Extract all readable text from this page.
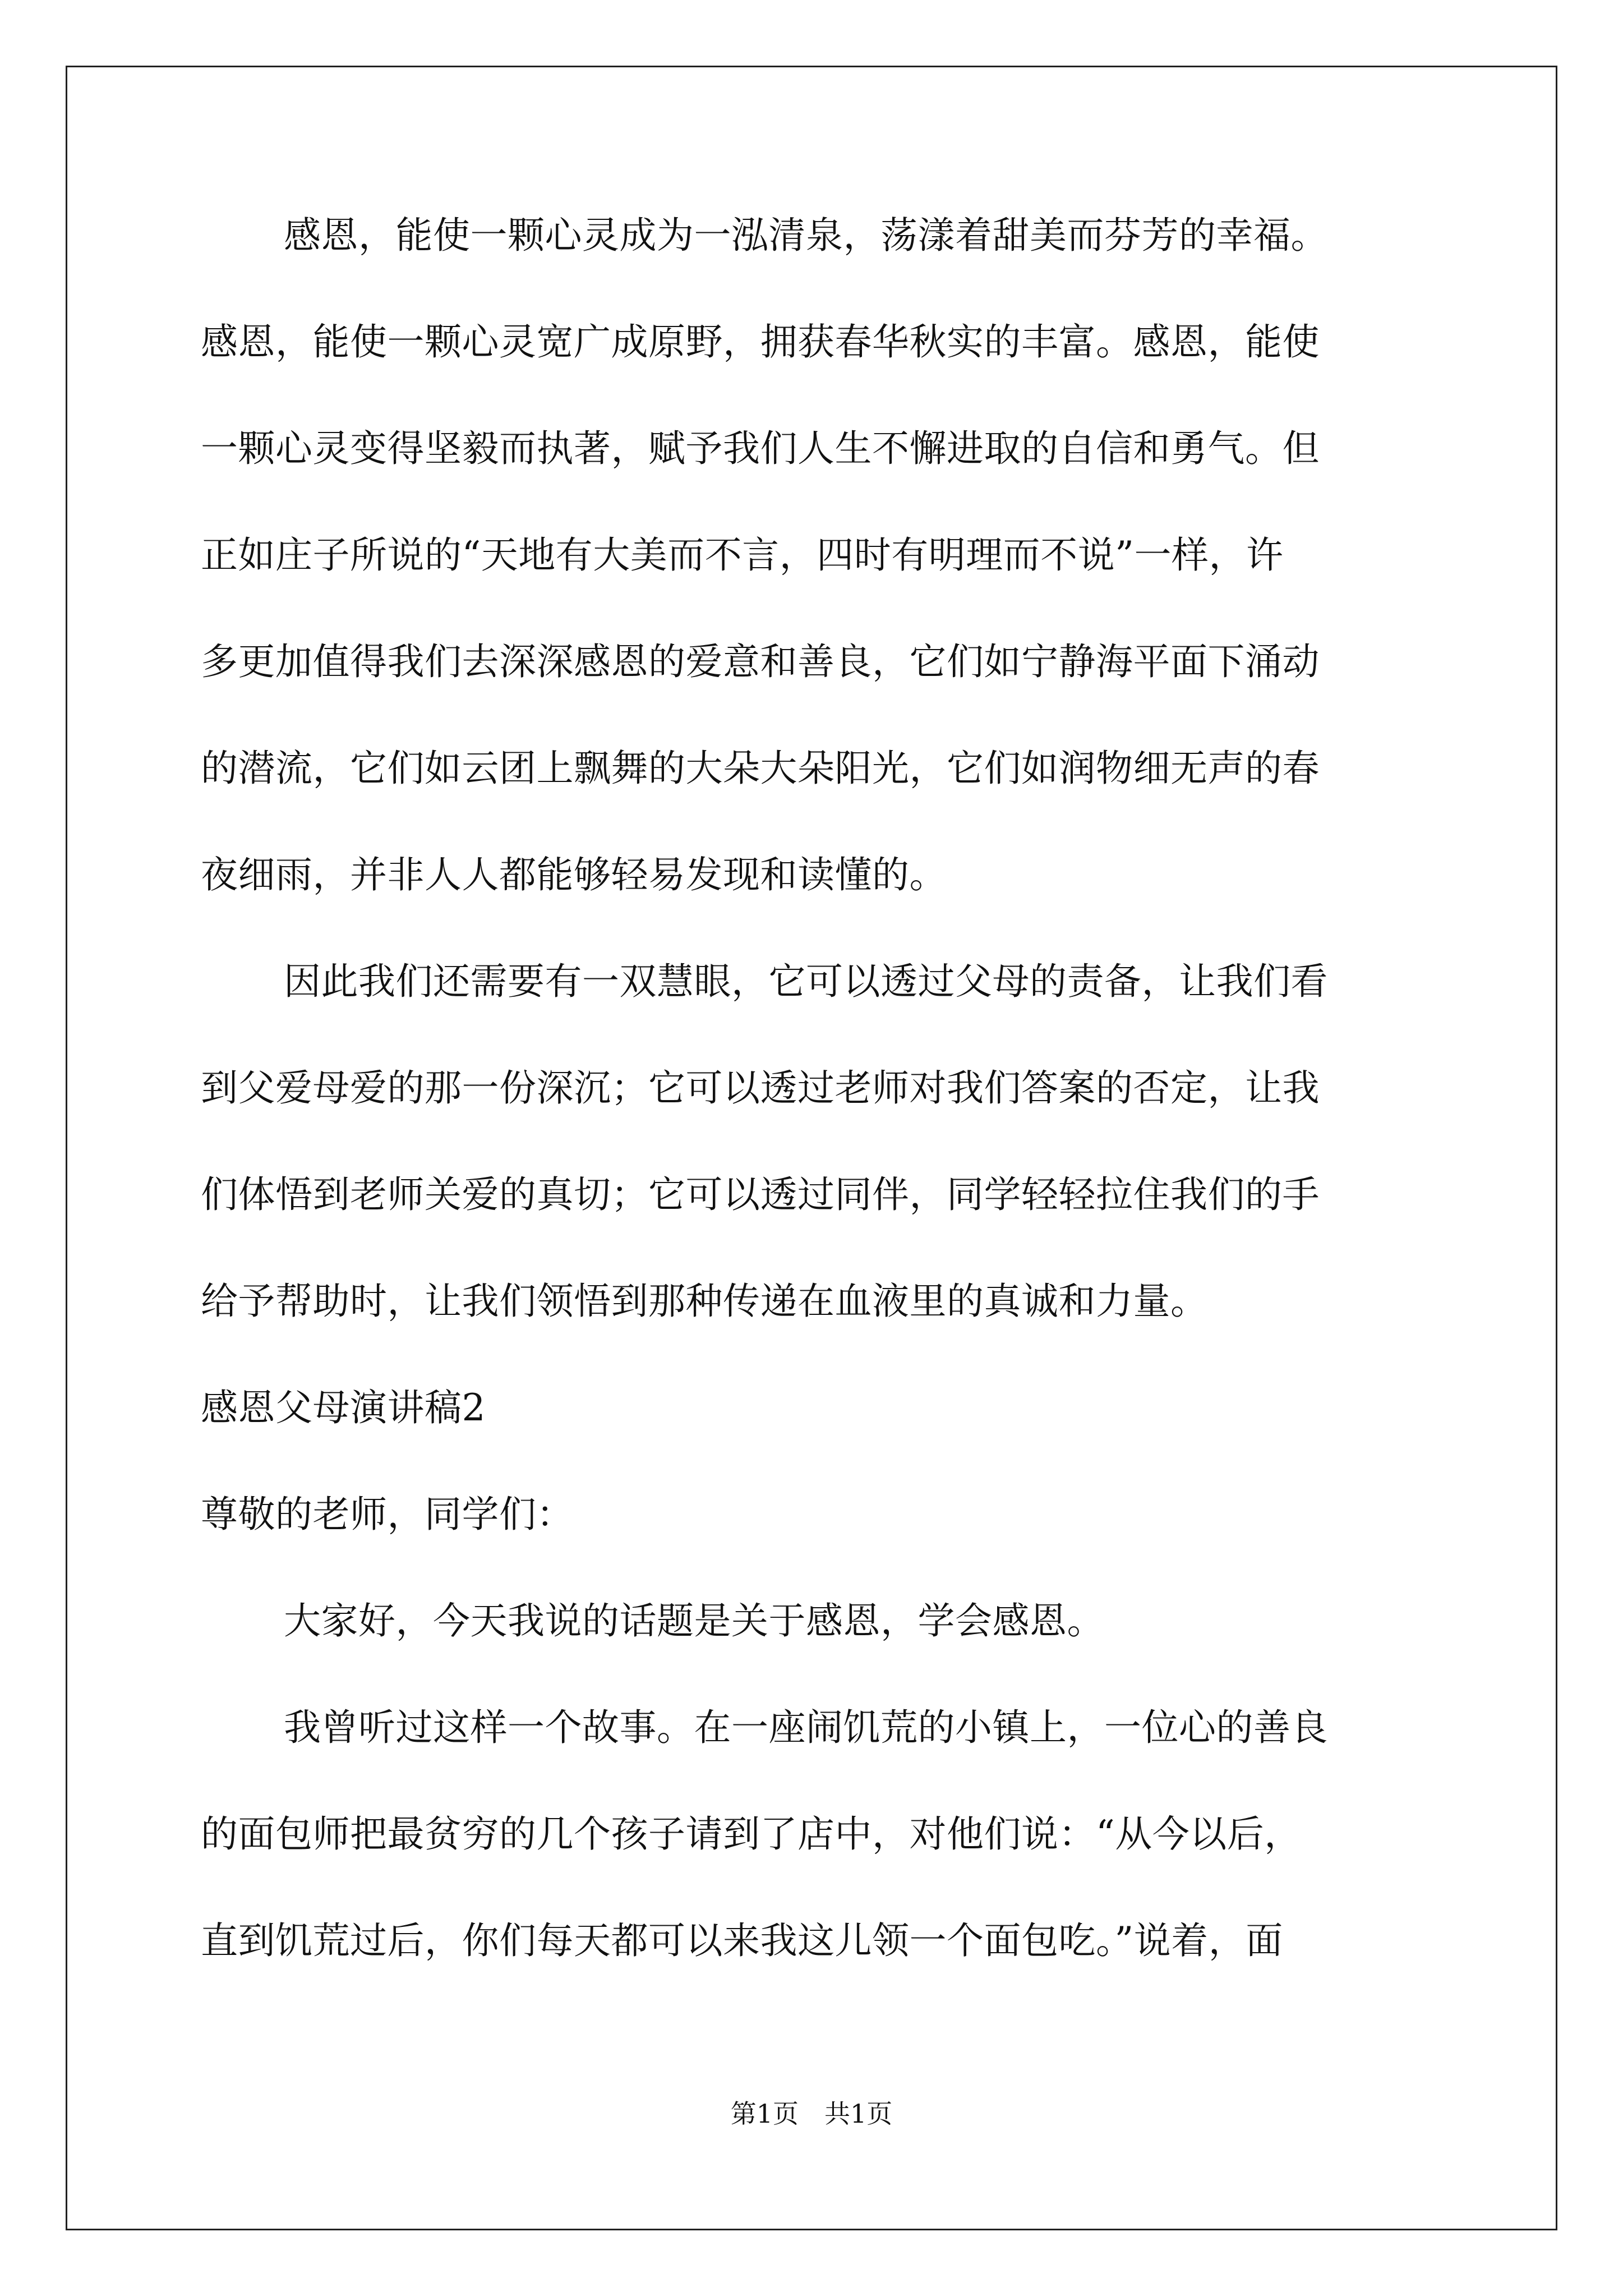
感恩，能使一颗心灵成为一泓清泉，荡漾着甜美而芬芳的幸福。
感恩，能使一颗心灵宽广成原野，拥获春华秋实的丰富。感恩，能使
一颗心灵变得坚毅而执著，赋予我们人生不懈进取的自信和勇气。但
正如庄子所说的“天地有大美而不言，四时有明理而不说”一样，许
多更加值得我们去深深感恩的爱意和善良，它们如宁静海平面下涌动
的潜流，它们如云团上飘舞的大朵大朵阳光，它们如润物细无声的春
夜细雨，并非人人都能够轻易发现和读懂的。
因此我们还需要有一双慧眼，它可以透过父母的责备，让我们看
到父爱母爱的那一份深沉；它可以透过老师对我们答案的否定，让我
们体悟到老师关爱的真切；它可以透过同伴，同学轻轻拉住我们的手
给予帮助时，让我们领悟到那种传递在血液里的真诚和力量。
感恩父母演讲稿2
尊敬的老师，同学们：
大家好，今天我说的话题是关于感恩，学会感恩。
我曾听过这样一个故事。在一座闹饥荒的小镇上，一位心的善良
的面包师把最贫穷的几个孩子请到了店中，对他们说：“从今以后，
直到饥荒过后，你们每天都可以来我这儿领一个面包吃。”说着，面
第1页　共1页
